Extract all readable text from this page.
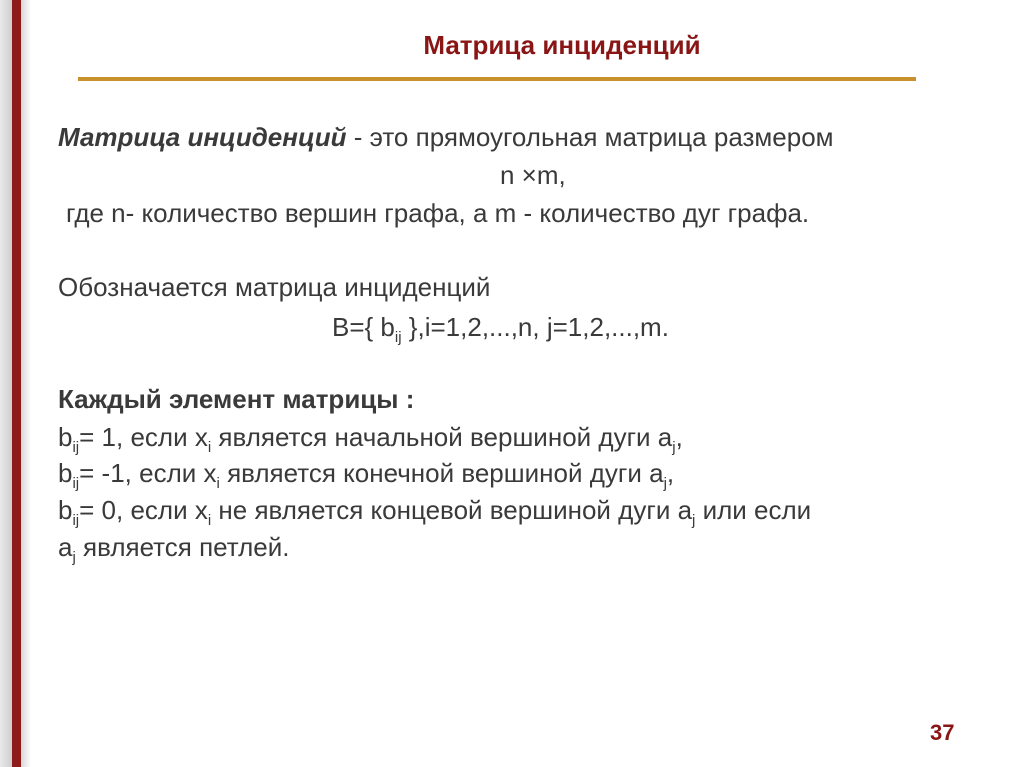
Матрица инциденций
Матрица инциденций - это прямоугольная матрица размером
n ×m,
где n- количество вершин графа, а m - количество дуг графа.
Обозначается матрица инциденций
B={ $b_{ij}$ },i=1,2,...,n, j=1,2,...,m.
Каждый элемент матрицы :
$b_{ij}= 1$, если $x_i$ является начальной вершиной дуги $a_j$,
$b_{ij}= -1$, если $x_i$ является конечной вершиной дуги $a_j$,
$b_{ij}= 0$, если $x_i$ не является концевой вершиной дуги $a_j$ или если
$a_j$ является петлей.
37
